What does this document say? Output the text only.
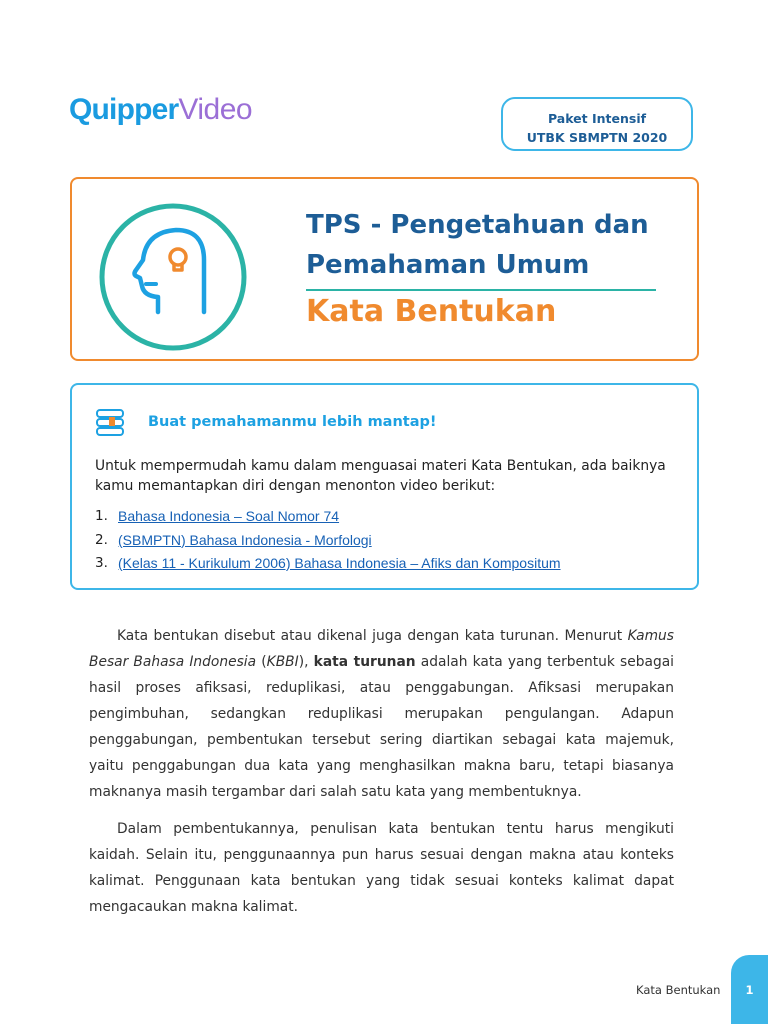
QuipperVideo	Paket Intensif
UTBK SBMPTN 2020
TPS - Pengetahuan dan Pemahaman Umum
Kata Bentukan
Buat pemahamanmu lebih mantap!

Untuk mempermudah kamu dalam menguasai materi Kata Bentukan, ada baiknya kamu memantapkan diri dengan menonton video berikut:

1. Bahasa Indonesia – Soal Nomor 74
2. (SBMPTN) Bahasa Indonesia - Morfologi
3. (Kelas 11 - Kurikulum 2006) Bahasa Indonesia – Afiks dan Kompositum

Kata bentukan disebut atau dikenal juga dengan kata turunan. Menurut Kamus Besar Bahasa Indonesia (KBBI), kata turunan adalah kata yang terbentuk sebagai hasil proses afiksasi, reduplikasi, atau penggabungan. Afiksasi merupakan pengimbuhan, sedangkan reduplikasi merupakan pengulangan. Adapun penggabungan, pembentukan tersebut sering diartikan sebagai kata majemuk, yaitu penggabungan dua kata yang menghasilkan makna baru, tetapi biasanya maknanya masih tergambar dari salah satu kata yang membentuknya.

Dalam pembentukannya, penulisan kata bentukan tentu harus mengikuti kaidah. Selain itu, penggunaannya pun harus sesuai dengan makna atau konteks kalimat. Penggunaan kata bentukan yang tidak sesuai konteks kalimat dapat mengacaukan makna kalimat.

Kata Bentukan	1
